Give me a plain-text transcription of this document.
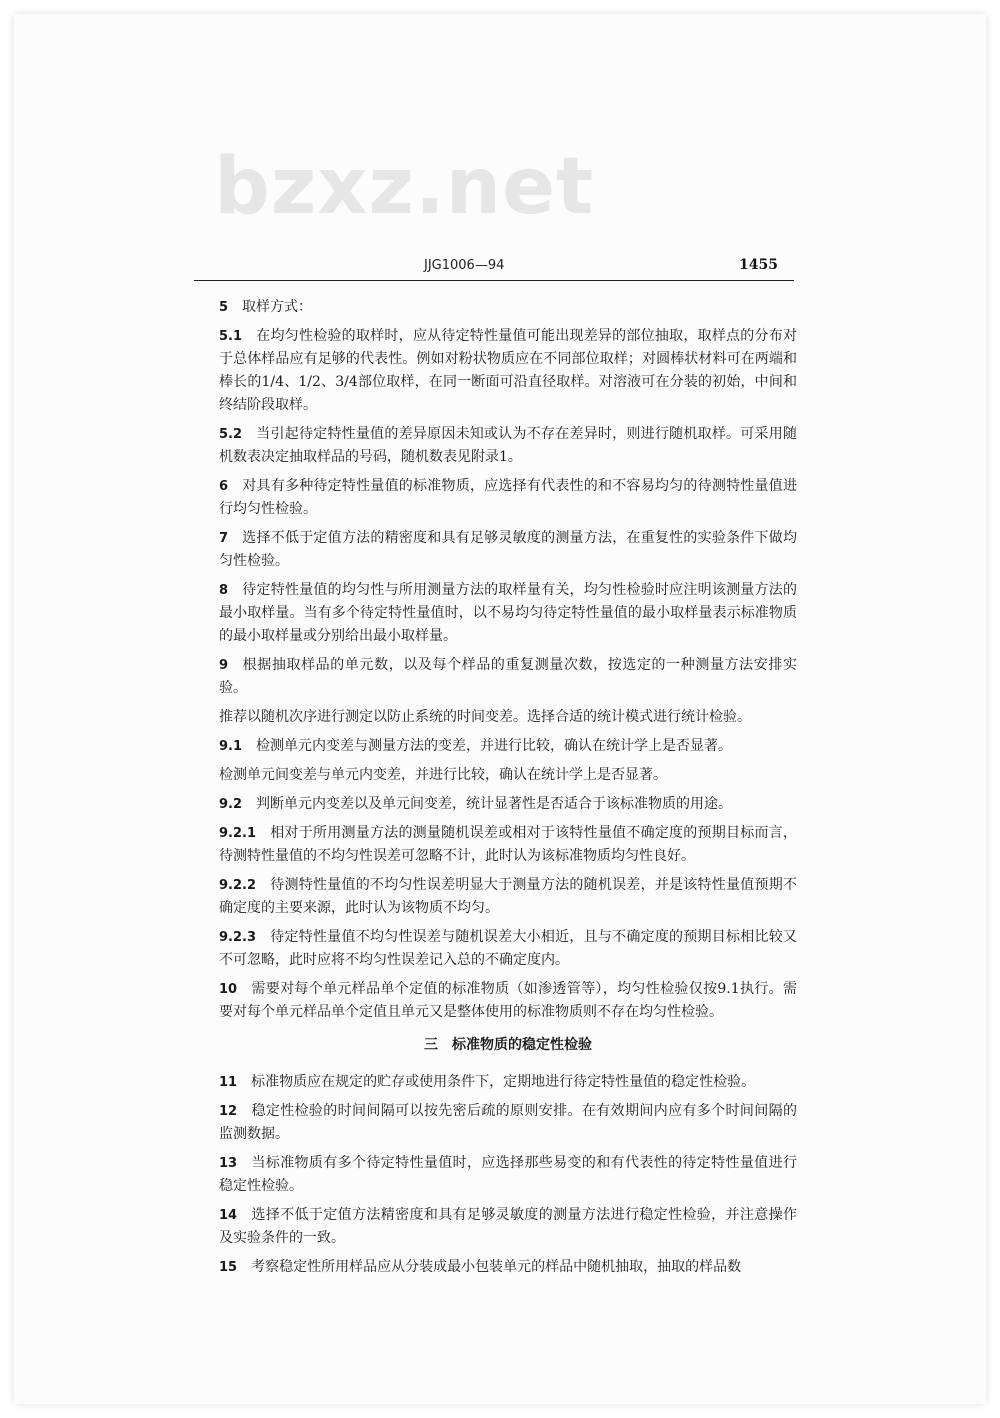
bzxz.net
JJG1006—94	1455
5 取样方式：
5.1 在均匀性检验的取样时，应从待定特性量值可能出现差异的部位抽取，取样点的分布对于总体样品应有足够的代表性。例如对粉状物质应在不同部位取样；对圆棒状材料可在两端和棒长的1/4、1/2、3/4部位取样，在同一断面可沿直径取样。对溶液可在分装的初始，中间和终结阶段取样。
5.2 当引起待定特性量值的差异原因未知或认为不存在差异时，则进行随机取样。可采用随机数表决定抽取样品的号码，随机数表见附录1。
6 对具有多种待定特性量值的标准物质，应选择有代表性的和不容易均匀的待测特性量值进行均匀性检验。
7 选择不低于定值方法的精密度和具有足够灵敏度的测量方法，在重复性的实验条件下做均匀性检验。
8 待定特性量值的均匀性与所用测量方法的取样量有关，均匀性检验时应注明该测量方法的最小取样量。当有多个待定特性量值时，以不易均匀待定特性量值的最小取样量表示标准物质的最小取样量或分别给出最小取样量。
9 根据抽取样品的单元数，以及每个样品的重复测量次数，按选定的一种测量方法安排实验。
推荐以随机次序进行测定以防止系统的时间变差。选择合适的统计模式进行统计检验。
9.1 检测单元内变差与测量方法的变差，并进行比较，确认在统计学上是否显著。
检测单元间变差与单元内变差，并进行比较，确认在统计学上是否显著。
9.2 判断单元内变差以及单元间变差，统计显著性是否适合于该标准物质的用途。
9.2.1 相对于所用测量方法的测量随机误差或相对于该特性量值不确定度的预期目标而言，待测特性量值的不均匀性误差可忽略不计，此时认为该标准物质均匀性良好。
9.2.2 待测特性量值的不均匀性误差明显大于测量方法的随机误差，并是该特性量值预期不确定度的主要来源，此时认为该物质不均匀。
9.2.3 待定特性量值不均匀性误差与随机误差大小相近，且与不确定度的预期目标相比较又不可忽略，此时应将不均匀性误差记入总的不确定度内。
10 需要对每个单元样品单个定值的标准物质（如渗透管等），均匀性检验仅按9.1执行。需要对每个单元样品单个定值且单元又是整体使用的标准物质则不存在均匀性检验。
三　标准物质的稳定性检验
11 标准物质应在规定的贮存或使用条件下，定期地进行待定特性量值的稳定性检验。
12 稳定性检验的时间间隔可以按先密后疏的原则安排。在有效期间内应有多个时间间隔的监测数据。
13 当标准物质有多个待定特性量值时，应选择那些易变的和有代表性的待定特性量值进行稳定性检验。
14 选择不低于定值方法精密度和具有足够灵敏度的测量方法进行稳定性检验，并注意操作及实验条件的一致。
15 考察稳定性所用样品应从分装成最小包装单元的样品中随机抽取，抽取的样品数
